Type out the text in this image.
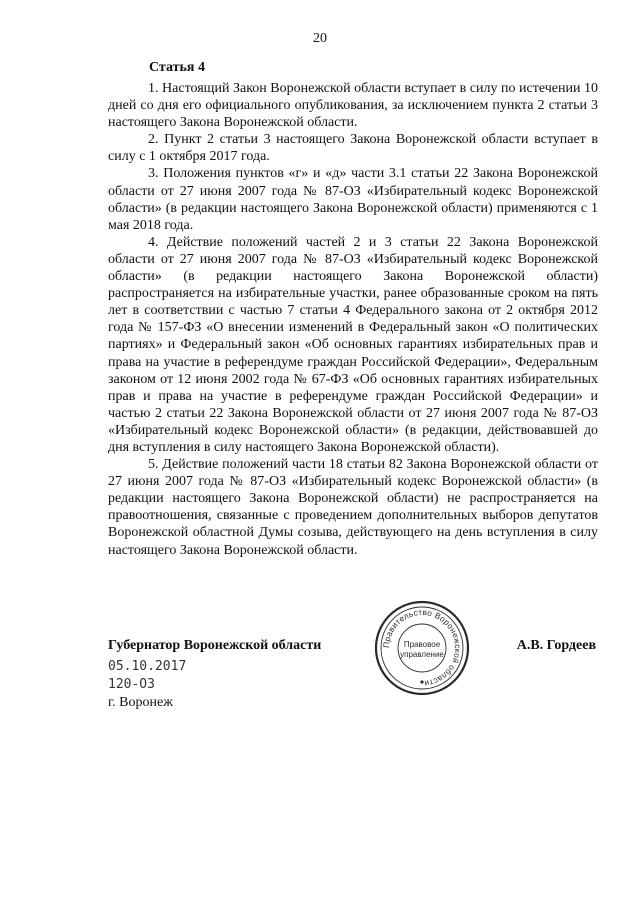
20
Статья 4

1. Настоящий Закон Воронежской области вступает в силу по истечении 10 дней со дня его официального опубликования, за исключением пункта 2 статьи 3 настоящего Закона Воронежской области.

2. Пункт 2 статьи 3 настоящего Закона Воронежской области вступает в силу с 1 октября 2017 года.

3. Положения пунктов «г» и «д» части 3.1 статьи 22 Закона Воронежской области от 27 июня 2007 года № 87-ОЗ «Избирательный кодекс Воронежской области» (в редакции настоящего Закона Воронежской области) применяются с 1 мая 2018 года.

4. Действие положений частей 2 и 3 статьи 22 Закона Воронежской области от 27 июня 2007 года № 87-ОЗ «Избирательный кодекс Воронежской области» (в редакции настоящего Закона Воронежской области) распространяется на избирательные участки, ранее образованные сроком на пять лет в соответствии с частью 7 статьи 4 Федерального закона от 2 октября 2012 года № 157-ФЗ «О внесении изменений в Федеральный закон «О политических партиях» и Федеральный закон «Об основных гарантиях избирательных прав и права на участие в референдуме граждан Российской Федерации», Федеральным законом от 12 июня 2002 года № 67-ФЗ «Об основных гарантиях избирательных прав и права на участие в референдуме граждан Российской Федерации» и частью 2 статьи 22 Закона Воронежской области от 27 июня 2007 года № 87-ОЗ «Избирательный кодекс Воронежской области» (в редакции, действовавшей до дня вступления в силу настоящего Закона Воронежской области).

5. Действие положений части 18 статьи 82 Закона Воронежской области от 27 июня 2007 года № 87-ОЗ «Избирательный кодекс Воронежской области» (в редакции настоящего Закона Воронежской области) не распространяется на правоотношения, связанные с проведением дополнительных выборов депутатов Воронежской областной Думы созыва, действующего на день вступления в силу настоящего Закона Воронежской области.

Губернатор Воронежской области	А.В. Гордеев
05.10.2017
120-ОЗ
г. Воронеж
Правительство Воронежской области
Правовое
управление
